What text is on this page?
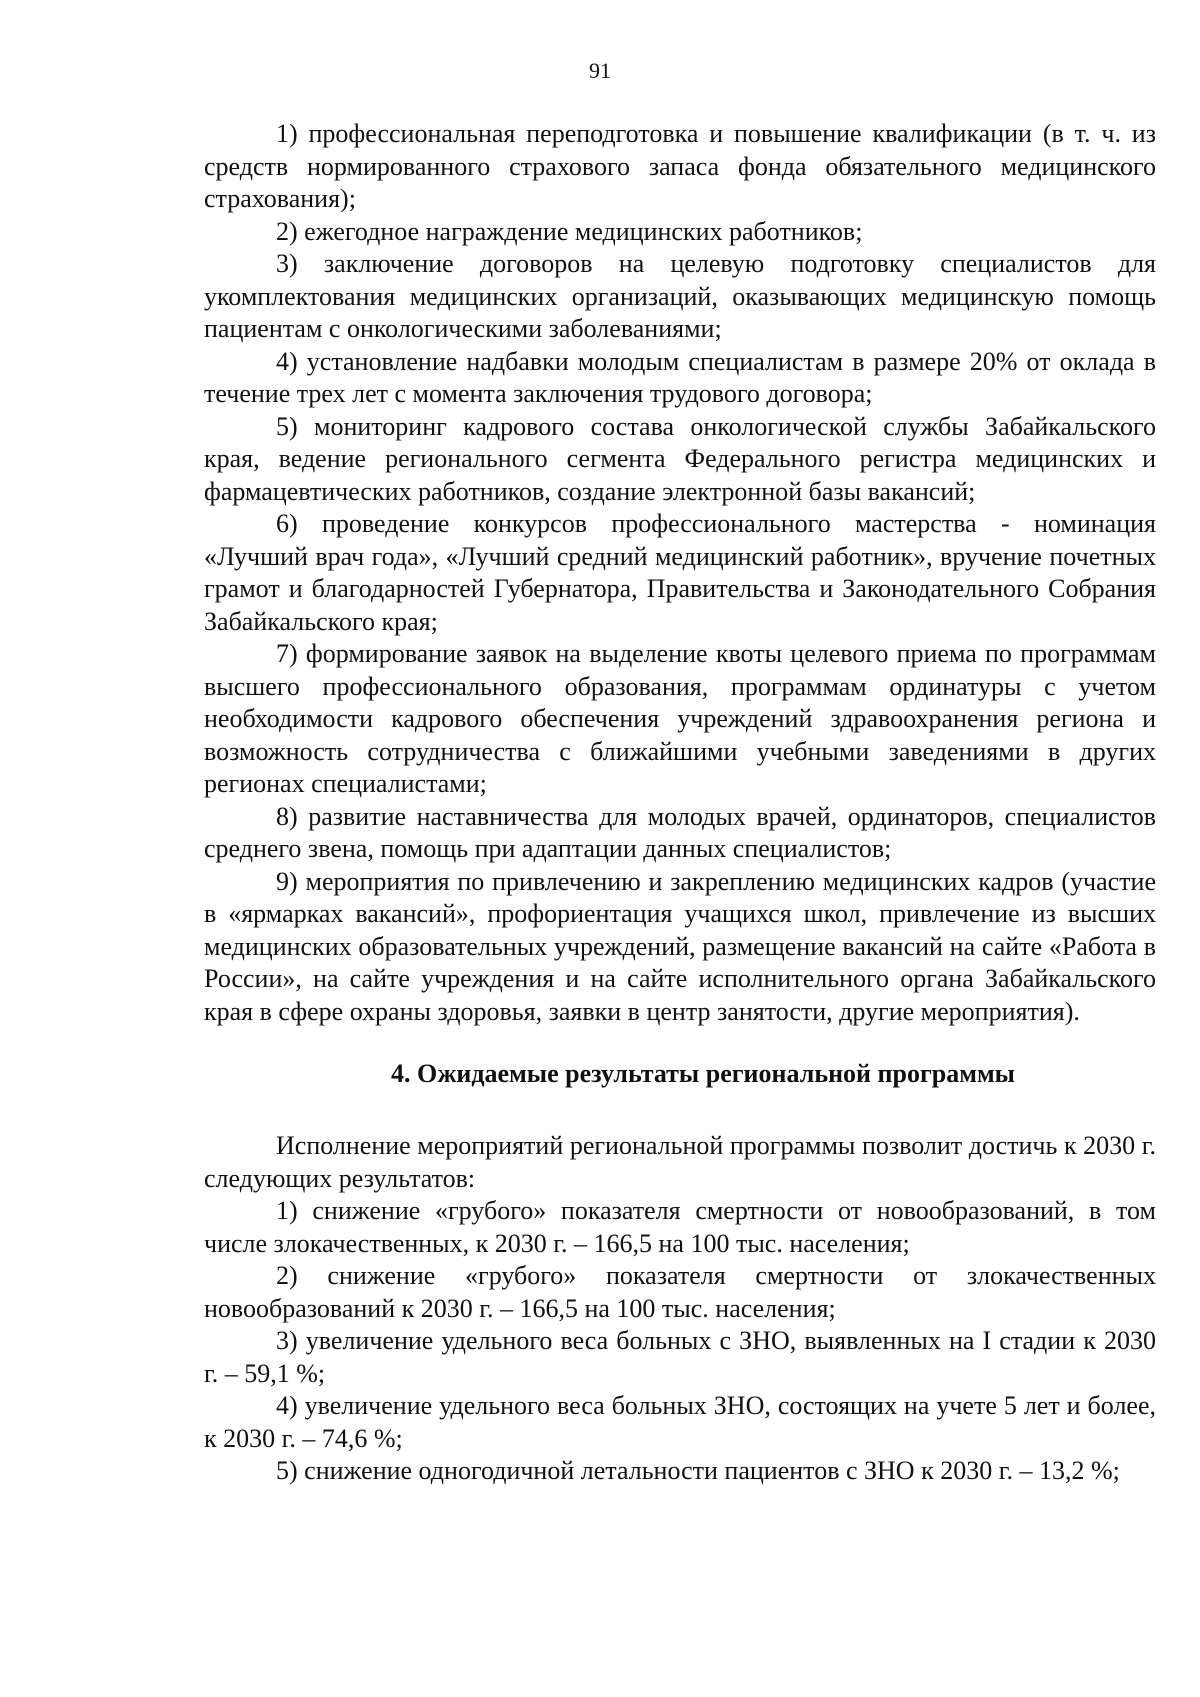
91

1) профессиональная переподготовка и повышение квалификации (в т. ч. из средств нормированного страхового запаса фонда обязательного медицинского страхования);

2) ежегодное награждение медицинских работников;

3) заключение договоров на целевую подготовку специалистов для укомплектования медицинских организаций, оказывающих медицинскую помощь пациентам с онкологическими заболеваниями;

4) установление надбавки молодым специалистам в размере 20% от оклада в течение трех лет с момента заключения трудового договора;

5) мониторинг кадрового состава онкологической службы Забайкальского края, ведение регионального сегмента Федерального регистра медицинских и фармацевтических работников, создание электронной базы вакансий;

6) проведение конкурсов профессионального мастерства - номинация «Лучший врач года», «Лучший средний медицинский работник», вручение почетных грамот и благодарностей Губернатора, Правительства и Законодательного Собрания Забайкальского края;

7) формирование заявок на выделение квоты целевого приема по программам высшего профессионального образования, программам ординатуры с учетом необходимости кадрового обеспечения учреждений здравоохранения региона и возможность сотрудничества с ближайшими учебными заведениями в других регионах специалистами;

8) развитие наставничества для молодых врачей, ординаторов, специалистов среднего звена, помощь при адаптации данных специалистов;

9) мероприятия по привлечению и закреплению медицинских кадров (участие в «ярмарках вакансий», профориентация учащихся школ, привлечение из высших медицинских образовательных учреждений, размещение вакансий на сайте «Работа в России», на сайте учреждения и на сайте исполнительного органа Забайкальского края в сфере охраны здоровья, заявки в центр занятости, другие мероприятия).

4. Ожидаемые результаты региональной программы

Исполнение мероприятий региональной программы позволит достичь к 2030 г. следующих результатов:

1) снижение «грубого» показателя смертности от новообразований, в том числе злокачественных, к 2030 г. – 166,5 на 100 тыс. населения;

2) снижение «грубого» показателя смертности от злокачественных новообразований к 2030 г. – 166,5 на 100 тыс. населения;

3) увеличение удельного веса больных с ЗНО, выявленных на I стадии к 2030 г. – 59,1 %;

4) увеличение удельного веса больных ЗНО, состоящих на учете 5 лет и более, к 2030 г. – 74,6 %;

5) снижение одногодичной летальности пациентов с ЗНО к 2030 г. – 13,2 %;
